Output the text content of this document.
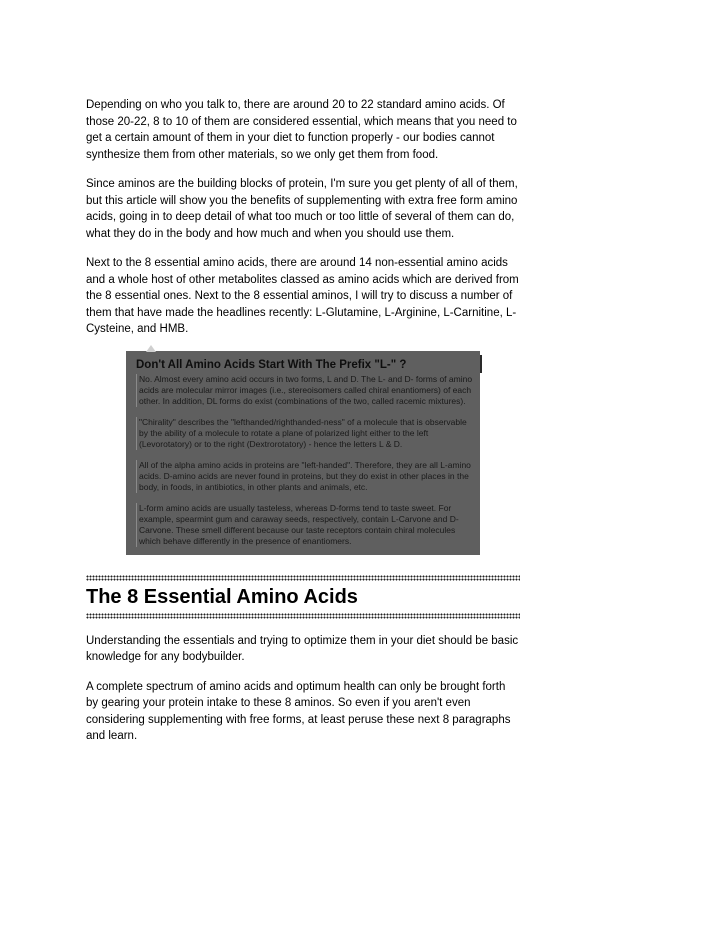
Depending on who you talk to, there are around 20 to 22 standard amino acids. Of those 20-22, 8 to 10 of them are considered essential, which means that you need to get a certain amount of them in your diet to function properly - our bodies cannot synthesize them from other materials, so we only get them from food.

Since aminos are the building blocks of protein, I'm sure you get plenty of all of them, but this article will show you the benefits of supplementing with extra free form amino acids, going in to deep detail of what too much or too little of several of them can do, what they do in the body and how much and when you should use them.

Next to the 8 essential amino acids, there are around 14 non-essential amino acids and a whole host of other metabolites classed as amino acids which are derived from the 8 essential ones. Next to the 8 essential aminos, I will try to discuss a number of them that have made the headlines recently: L-Glutamine, L-Arginine, L-Carnitine, L-Cysteine, and HMB.

Don't All Amino Acids Start With The Prefix "L-" ?

No. Almost every amino acid occurs in two forms, L and D. The L- and D- forms of amino acids are molecular mirror images (i.e., stereoisomers called chiral enantiomers) of each other. In addition, DL forms do exist (combinations of the two, called racemic mixtures).

"Chirality" describes the "lefthanded/righthanded-ness" of a molecule that is observable by the ability of a molecule to rotate a plane of polarized light either to the left (Levorotatory) or to the right (Dextrorotatory) - hence the letters L & D.

All of the alpha amino acids in proteins are "left-handed". Therefore, they are all L-amino acids. D-amino acids are never found in proteins, but they do exist in other places in the body, in foods, in antibiotics, in other plants and animals, etc.

L-form amino acids are usually tasteless, whereas D-forms tend to taste sweet. For example, spearmint gum and caraway seeds, respectively, contain L-Carvone and D-Carvone. These smell different because our taste receptors contain chiral molecules which behave differently in the presence of enantiomers.

The 8 Essential Amino Acids

Understanding the essentials and trying to optimize them in your diet should be basic knowledge for any bodybuilder.

A complete spectrum of amino acids and optimum health can only be brought forth by gearing your protein intake to these 8 aminos. So even if you aren't even considering supplementing with free forms, at least peruse these next 8 paragraphs and learn.
